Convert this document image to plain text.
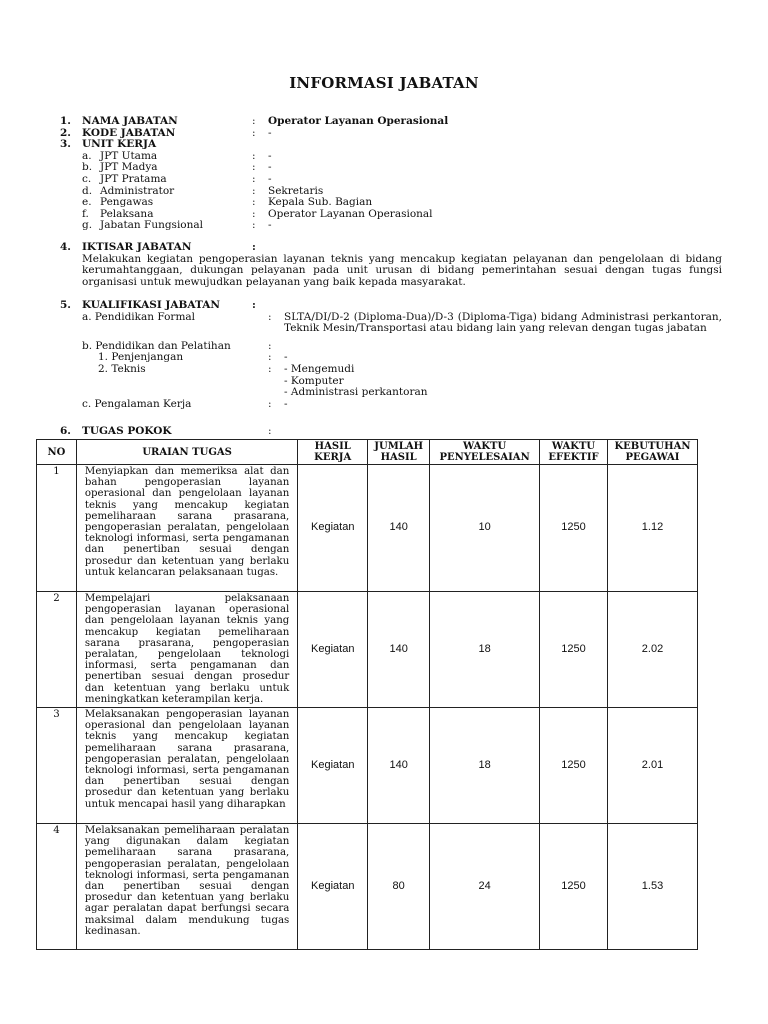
INFORMASI JABATAN
1.	NAMA JABATAN	:	Operator Layanan Operasional
2.	KODE JABATAN	:	-
3.	UNIT KERJA
a. JPT Utama	:	-
b. JPT Madya	:	-
c. JPT Pratama	:	-
d. Administrator	:	Sekretaris
e. Pengawas	:	Kepala Sub. Bagian
f.	Pelaksana	:	Operator Layanan Operasional
g. Jabatan Fungsional	:	-
4.	IKTISAR JABATAN	:
Melakukan kegiatan pengoperasian layanan teknis yang mencakup kegiatan pelayanan dan pengelolaan di bidang kerumahtanggaan, dukungan pelayanan pada unit urusan di bidang pemerintahan sesuai dengan tugas fungsi organisasi untuk mewujudkan pelayanan yang baik kepada masyarakat.
5.	KUALIFIKASI JABATAN	:
a. Pendidikan Formal	:	SLTA/DI/D-2 (Diploma-Dua)/D-3 (Diploma-Tiga) bidang Administrasi perkantoran, Teknik Mesin/Transportasi atau bidang lain yang relevan dengan tugas jabatan
b. Pendidikan dan Pelatihan	:
1. Penjenjangan	:	-
2. Teknis	:	- Mengemudi
- Komputer
- Administrasi perkantoran
c. Pengalaman Kerja	:	-
6.	TUGAS POKOK	:
NO	URAIAN TUGAS	HASIL KERJA	JUMLAH HASIL	WAKTU PENYELESAIAN	WAKTU EFEKTIF	KEBUTUHAN PEGAWAI
1	Menyiapkan dan memeriksa alat dan bahan pengoperasian layanan operasional dan pengelolaan layanan teknis yang mencakup kegiatan pemeliharaan sarana prasarana, pengoperasian peralatan, pengelolaan teknologi informasi, serta pengamanan dan penertiban sesuai dengan prosedur dan ketentuan yang berlaku untuk kelancaran pelaksanaan tugas.	Kegiatan	140	10	1250	1.12
2	Mempelajari pelaksanaan pengoperasian layanan operasional dan pengelolaan layanan teknis yang mencakup kegiatan pemeliharaan sarana prasarana, pengoperasian peralatan, pengelolaan teknologi informasi, serta pengamanan dan penertiban sesuai dengan prosedur dan ketentuan yang berlaku untuk meningkatkan keterampilan kerja.	Kegiatan	140	18	1250	2.02
3	Melaksanakan pengoperasian layanan operasional dan pengelolaan layanan teknis yang mencakup kegiatan pemeliharaan sarana prasarana, pengoperasian peralatan, pengelolaan teknologi informasi, serta pengamanan dan penertiban sesuai dengan prosedur dan ketentuan yang berlaku untuk mencapai hasil yang diharapkan	Kegiatan	140	18	1250	2.01
4	Melaksanakan pemeliharaan peralatan yang digunakan dalam kegiatan pemeliharaan sarana prasarana, pengoperasian peralatan, pengelolaan teknologi informasi, serta pengamanan dan penertiban sesuai dengan prosedur dan ketentuan yang berlaku agar peralatan dapat berfungsi secara maksimal dalam mendukung tugas kedinasan.	Kegiatan	80	24	1250	1.53
